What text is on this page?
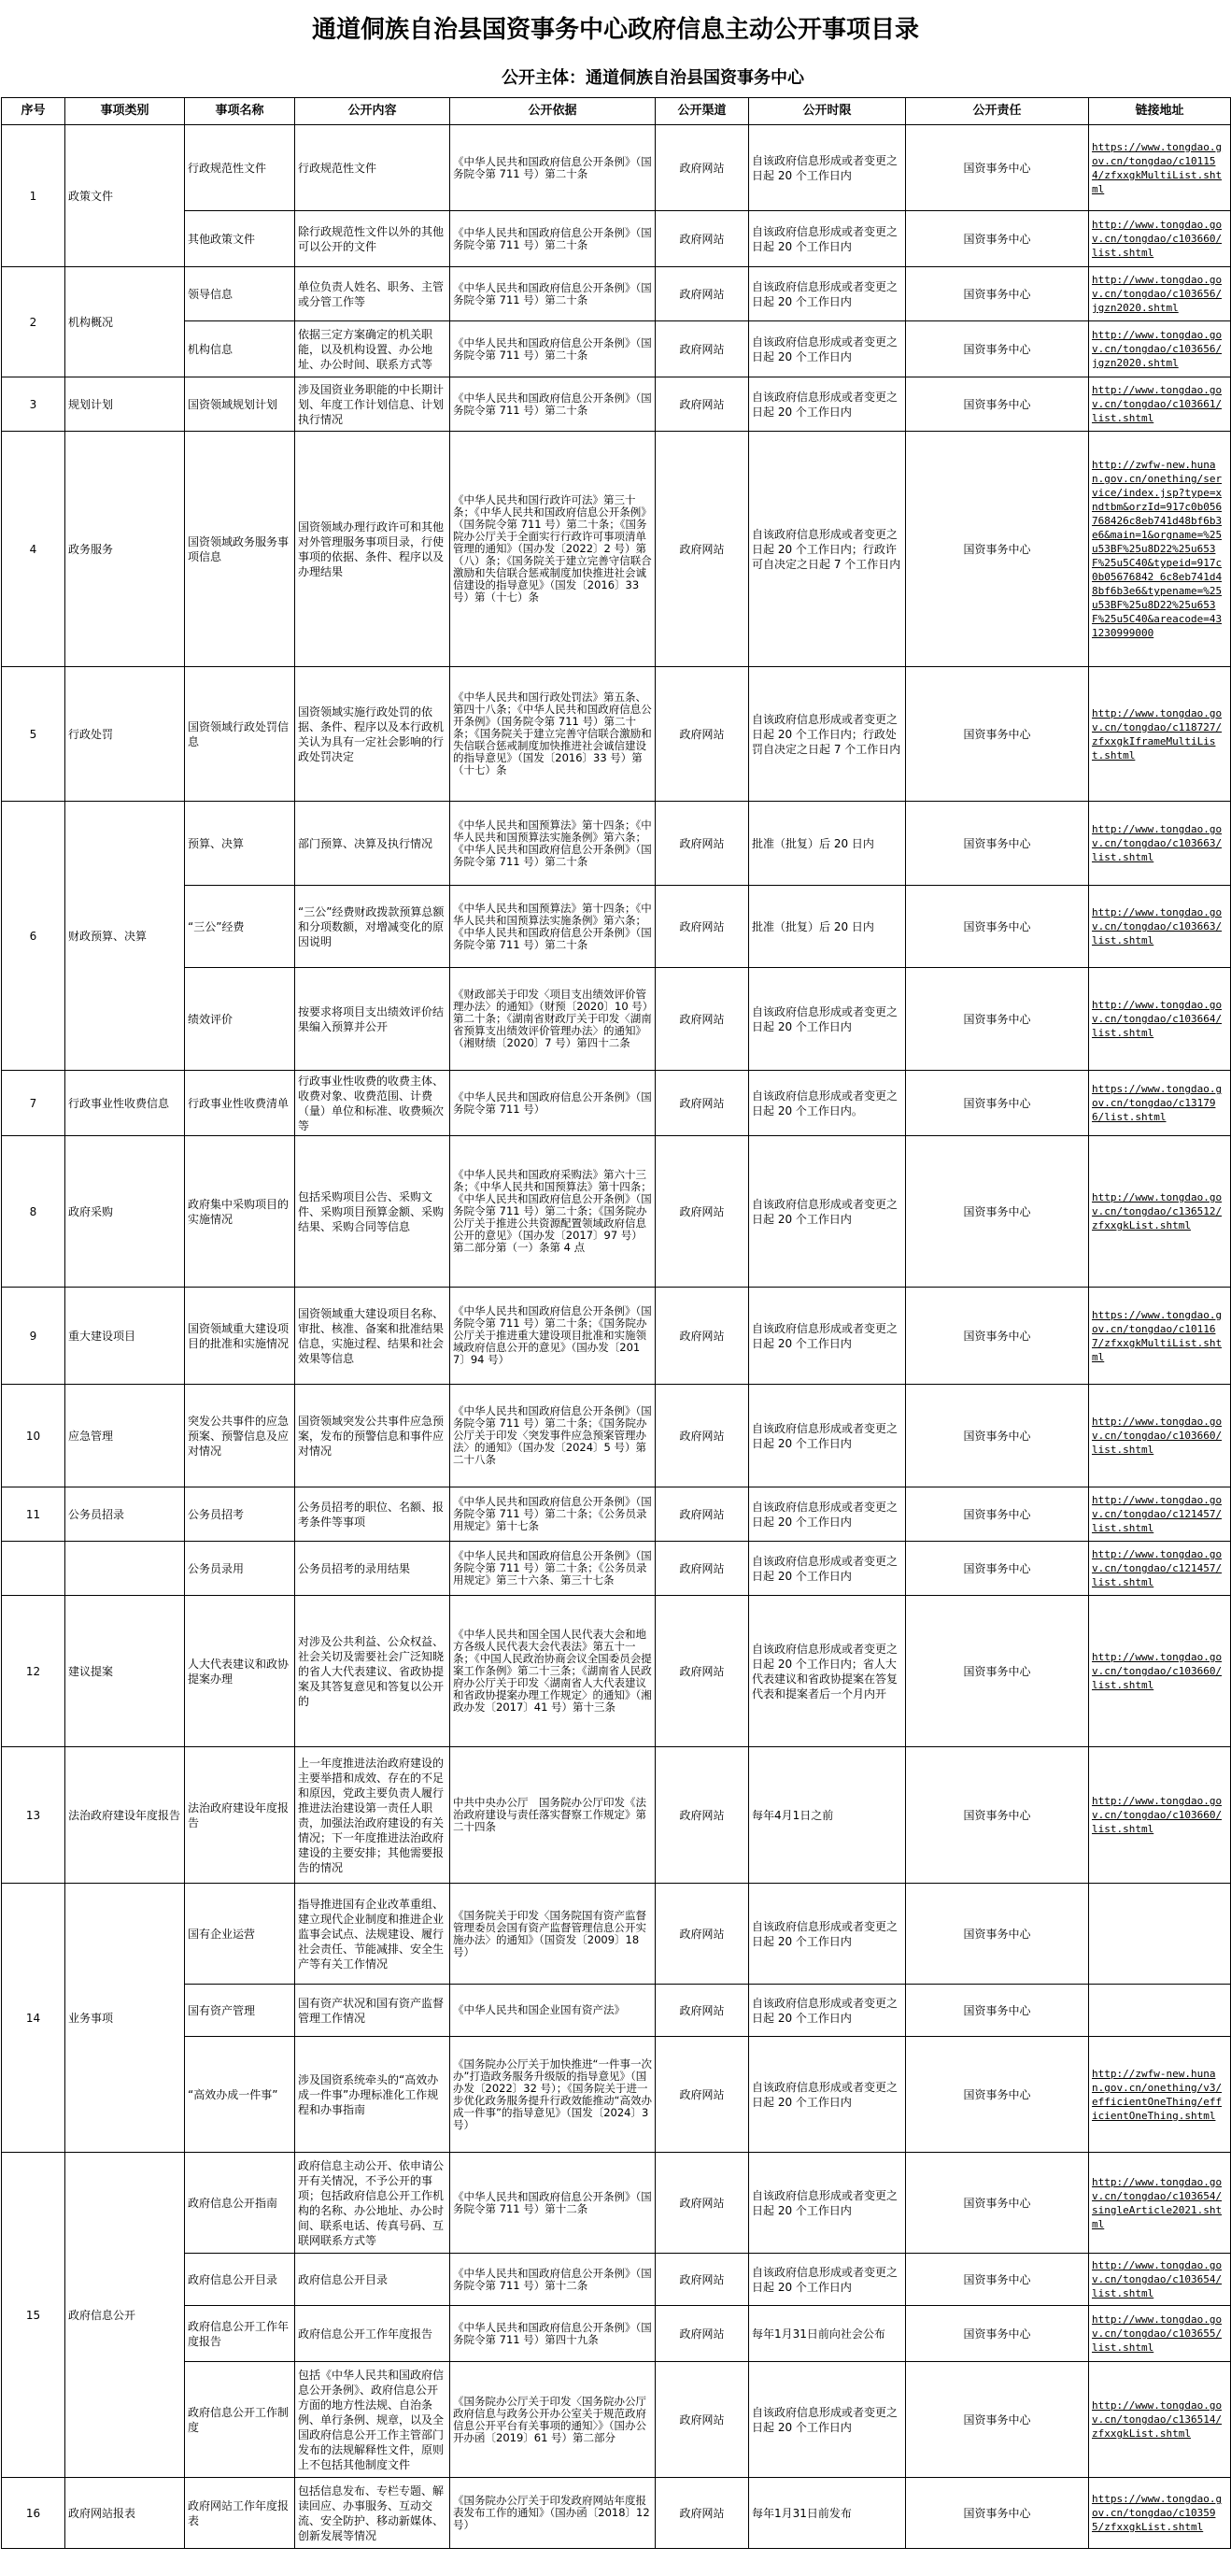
通道侗族自治县国资事务中心政府信息主动公开事项目录
公开主体：通道侗族自治县国资事务中心
序号	事项类别	事项名称	公开内容	公开依据	公开渠道	公开时限	公开责任	链接地址
1	政策文件	行政规范性文件	行政规范性文件	《中华人民共和国政府信息公开条例》（国务院令第 711 号）第二十条	政府网站	自该政府信息形成或者变更之日起 20 个工作日内	国资事务中心	https://www.tongdao.gov.cn/tongdao/c101154/zfxxgkMultiList.shtml
		其他政策文件	除行政规范性文件以外的其他可以公开的文件	《中华人民共和国政府信息公开条例》（国务院令第 711 号）第二十条	政府网站	自该政府信息形成或者变更之日起 20 个工作日内	国资事务中心	http://www.tongdao.gov.cn/tongdao/c103660/list.shtml
2	机构概况	领导信息	单位负责人姓名、职务、主管或分管工作等	《中华人民共和国政府信息公开条例》（国务院令第 711 号）第二十条	政府网站	自该政府信息形成或者变更之日起 20 个工作日内	国资事务中心	http://www.tongdao.gov.cn/tongdao/c103656/jgzn2020.shtml
		机构信息	依据三定方案确定的机关职能，以及机构设置、办公地址、办公时间、联系方式等	《中华人民共和国政府信息公开条例》（国务院令第 711 号）第二十条	政府网站	自该政府信息形成或者变更之日起 20 个工作日内	国资事务中心	http://www.tongdao.gov.cn/tongdao/c103656/jgzn2020.shtml
3	规划计划	国资领域规划计划	涉及国资业务职能的中长期计划、年度工作计划信息、计划执行情况	《中华人民共和国政府信息公开条例》（国务院令第 711 号）第二十条	政府网站	自该政府信息形成或者变更之日起 20 个工作日内	国资事务中心	http://www.tongdao.gov.cn/tongdao/c103661/list.shtml
4	政务服务	国资领域政务服务事项信息	国资领域办理行政许可和其他对外管理服务事项目录，行使事项的依据、条件、程序以及办理结果	《中华人民共和国行政许可法》第三十条；《中华人民共和国政府信息公开条例》（国务院令第 711 号）第二十条；《国务院办公厅关于全面实行行政许可事项清单管理的通知》（国办发〔2022〕2 号）第（八）条；《国务院关于建立完善守信联合激励和失信联合惩戒制度加快推进社会诚信建设的指导意见》（国发〔2016〕33 号）第（十七）条	政府网站	自该政府信息形成或者变更之日起 20 个工作日内；行政许可自决定之日起 7 个工作日内	国资事务中心	http://zwfw-new.hunan.gov.cn/onething/service/index.jsp?type=xndtbm&orzId=917c0b056768426c8eb741d48bf6b3e6&main=1&orgname=%25u53BF%25u8D22%25u653F%25u5C40&typeid=917c0b05676842 6c8eb741d48bf6b3e6&typename=%25u53BF%25u8D22%25u653F%25u5C40&areacode=431230999000
5	行政处罚	国资领域行政处罚信息	国资领域实施行政处罚的依据、条件、程序以及本行政机关认为具有一定社会影响的行政处罚决定	《中华人民共和国行政处罚法》第五条、第四十八条；《中华人民共和国政府信息公开条例》（国务院令第 711 号）第二十条；《国务院关于建立完善守信联合激励和失信联合惩戒制度加快推进社会诚信建设的指导意见》（国发〔2016〕33 号）第（十七）条	政府网站	自该政府信息形成或者变更之日起 20 个工作日内；行政处罚自决定之日起 7 个工作日内	国资事务中心	http://www.tongdao.gov.cn/tongdao/c118727/zfxxgkIframeMultiList.shtml
6	财政预算、决算	预算、决算	部门预算、决算及执行情况	《中华人民共和国预算法》第十四条；《中华人民共和国预算法实施条例》第六条；《中华人民共和国政府信息公开条例》（国务院令第 711 号）第二十条	政府网站	批准（批复）后 20 日内	国资事务中心	http://www.tongdao.gov.cn/tongdao/c103663/list.shtml
		“三公”经费	“三公”经费财政拨款预算总额和分项数额，对增减变化的原因说明	《中华人民共和国预算法》第十四条；《中华人民共和国预算法实施条例》第六条；《中华人民共和国政府信息公开条例》（国务院令第 711 号）第二十条	政府网站	批准（批复）后 20 日内	国资事务中心	http://www.tongdao.gov.cn/tongdao/c103663/list.shtml
		绩效评价	按要求将项目支出绩效评价结果编入预算并公开	《财政部关于印发〈项目支出绩效评价管理办法〉的通知》（财预〔2020〕10 号）第二十条；《湖南省财政厅关于印发〈湖南省预算支出绩效评价管理办法〉的通知》（湘财绩〔2020〕7 号）第四十二条	政府网站	自该政府信息形成或者变更之日起 20 个工作日内	国资事务中心	http://www.tongdao.gov.cn/tongdao/c103664/list.shtml
7	行政事业性收费信息	行政事业性收费清单	行政事业性收费的收费主体、收费对象、收费范围、计费（量）单位和标准、收费频次等	《中华人民共和国政府信息公开条例》（国务院令第 711 号）	政府网站	自该政府信息形成或者变更之日起 20 个工作日内。	国资事务中心	https://www.tongdao.gov.cn/tongdao/c131796/list.shtml
8	政府采购	政府集中采购项目的实施情况	包括采购项目公告、采购文件、采购项目预算金额、采购结果、采购合同等信息	《中华人民共和国政府采购法》第六十三条；《中华人民共和国预算法》第十四条；《中华人民共和国政府信息公开条例》（国务院令第 711 号）第二十条；《国务院办公厅关于推进公共资源配置领域政府信息公开的意见》（国办发〔2017〕97 号）第二部分第（一）条第 4 点	政府网站	自该政府信息形成或者变更之日起 20 个工作日内	国资事务中心	http://www.tongdao.gov.cn/tongdao/c136512/zfxxgkList.shtml
9	重大建设项目	国资领域重大建设项目的批准和实施情况	国资领域重大建设项目名称、审批、核准、备案和批准结果信息，实施过程、结果和社会效果等信息	《中华人民共和国政府信息公开条例》（国务院令第 711 号）第二十条；《国务院办公厅关于推进重大建设项目批准和实施领域政府信息公开的意见》（国办发〔2017〕94 号）	政府网站	自该政府信息形成或者变更之日起 20 个工作日内	国资事务中心	https://www.tongdao.gov.cn/tongdao/c101167/zfxxgkMultiList.shtml
10	应急管理	突发公共事件的应急预案、预警信息及应对情况	国资领域突发公共事件应急预案，发布的预警信息和事件应对情况	《中华人民共和国政府信息公开条例》（国务院令第 711 号）第二十条；《国务院办公厅关于印发〈突发事件应急预案管理办法〉的通知》（国办发〔2024〕5 号）第二十八条	政府网站	自该政府信息形成或者变更之日起 20 个工作日内	国资事务中心	http://www.tongdao.gov.cn/tongdao/c103660/list.shtml
11	公务员招录	公务员招考	公务员招考的职位、名额、报考条件等事项	《中华人民共和国政府信息公开条例》（国务院令第 711 号）第二十条；《公务员录用规定》第十七条	政府网站	自该政府信息形成或者变更之日起 20 个工作日内	国资事务中心	http://www.tongdao.gov.cn/tongdao/c121457/list.shtml
		公务员录用	公务员招考的录用结果	《中华人民共和国政府信息公开条例》（国务院令第 711 号）第二十条；《公务员录用规定》第三十六条、第三十七条	政府网站	自该政府信息形成或者变更之日起 20 个工作日内	国资事务中心	http://www.tongdao.gov.cn/tongdao/c121457/list.shtml
12	建议提案	人大代表建议和政协提案办理	对涉及公共利益、公众权益、社会关切及需要社会广泛知晓的省人大代表建议、省政协提案及其答复意见和答复以公开的	《中华人民共和国全国人民代表大会和地方各级人民代表大会代表法》第五十一条；《中国人民政治协商会议全国委员会提案工作条例》第二十三条；《湖南省人民政府办公厅关于印发〈湖南省人大代表建议和省政协提案办理工作规定〉的通知》（湘政办发〔2017〕41 号）第十三条	政府网站	自该政府信息形成或者变更之日起 20 个工作日内；省人大代表建议和省政协提案在答复代表和提案者后一个月内开	国资事务中心	http://www.tongdao.gov.cn/tongdao/c103660/list.shtml
13	法治政府建设年度报告	法治政府建设年度报告	上一年度推进法治政府建设的主要举措和成效、存在的不足和原因，党政主要负责人履行推进法治建设第一责任人职责，加强法治政府建设的有关情况；下一年度推进法治政府建设的主要安排；其他需要报告的情况	中共中央办公厅　国务院办公厅印发《法治政府建设与责任落实督察工作规定》第二十四条	政府网站	每年4月1日之前	国资事务中心	http://www.tongdao.gov.cn/tongdao/c103660/list.shtml
14	业务事项	国有企业运营	指导推进国有企业改革重组、建立现代企业制度和推进企业监事会试点、法规建设、履行社会责任、节能减排、安全生产等有关工作情况	《国务院关于印发〈国务院国有资产监督管理委员会国有资产监督管理信息公开实施办法〉的通知》（国资发〔2009〕18号）	政府网站	自该政府信息形成或者变更之日起 20 个工作日内	国资事务中心	
		国有资产管理	国有资产状况和国有资产监督管理工作情况	《中华人民共和国企业国有资产法》	政府网站	自该政府信息形成或者变更之日起 20 个工作日内	国资事务中心	
		“高效办成一件事”	涉及国资系统牵头的“高效办成一件事”办理标准化工作规程和办事指南	《国务院办公厅关于加快推进“一件事一次办”打造政务服务升级版的指导意见》（国办发〔2022〕32 号）；《国务院关于进一步优化政务服务提升行政效能推动“高效办成一件事”的指导意见》（国发〔2024〕3 号）	政府网站	自该政府信息形成或者变更之日起 20 个工作日内	国资事务中心	http://zwfw-new.hunan.gov.cn/onething/v3/efficientOneThing/efficientOneThing.shtml
15	政府信息公开	政府信息公开指南	政府信息主动公开、依申请公开有关情况，不予公开的事项；包括政府信息公开工作机构的名称、办公地址、办公时间、联系电话、传真号码、互联网联系方式等	《中华人民共和国政府信息公开条例》（国务院令第 711 号）第十二条	政府网站	自该政府信息形成或者变更之日起 20 个工作日内	国资事务中心	http://www.tongdao.gov.cn/tongdao/c103654/singleArticle2021.shtml
		政府信息公开目录	政府信息公开目录	《中华人民共和国政府信息公开条例》（国务院令第 711 号）第十二条	政府网站	自该政府信息形成或者变更之日起 20 个工作日内	国资事务中心	http://www.tongdao.gov.cn/tongdao/c103654/list.shtml
		政府信息公开工作年度报告	政府信息公开工作年度报告	《中华人民共和国政府信息公开条例》（国务院令第 711 号）第四十九条	政府网站	每年1月31日前向社会公布	国资事务中心	http://www.tongdao.gov.cn/tongdao/c103655/list.shtml
		政府信息公开工作制度	包括《中华人民共和国政府信息公开条例》、政府信息公开方面的地方性法规、自治条例、单行条例、规章，以及全国政府信息公开工作主管部门发布的法规解释性文件，原则上不包括其他制度文件	《国务院办公厅关于印发〈国务院办公厅政府信息与政务公开办公室关于规范政府信息公开平台有关事项的通知〉》（国办公开办函〔2019〕61 号）第二部分	政府网站	自该政府信息形成或者变更之日起 20 个工作日内	国资事务中心	http://www.tongdao.gov.cn/tongdao/c136514/zfxxgkList.shtml
16	政府网站报表	政府网站工作年度报表	包括信息发布、专栏专题、解读回应、办事服务、互动交流、安全防护、移动新媒体、创新发展等情况	《国务院办公厅关于印发政府网站年度报表发布工作的通知》（国办函〔2018〕12 号）	政府网站	每年1月31日前发布	国资事务中心	https://www.tongdao.gov.cn/tongdao/c103595/zfxxgkList.shtml
